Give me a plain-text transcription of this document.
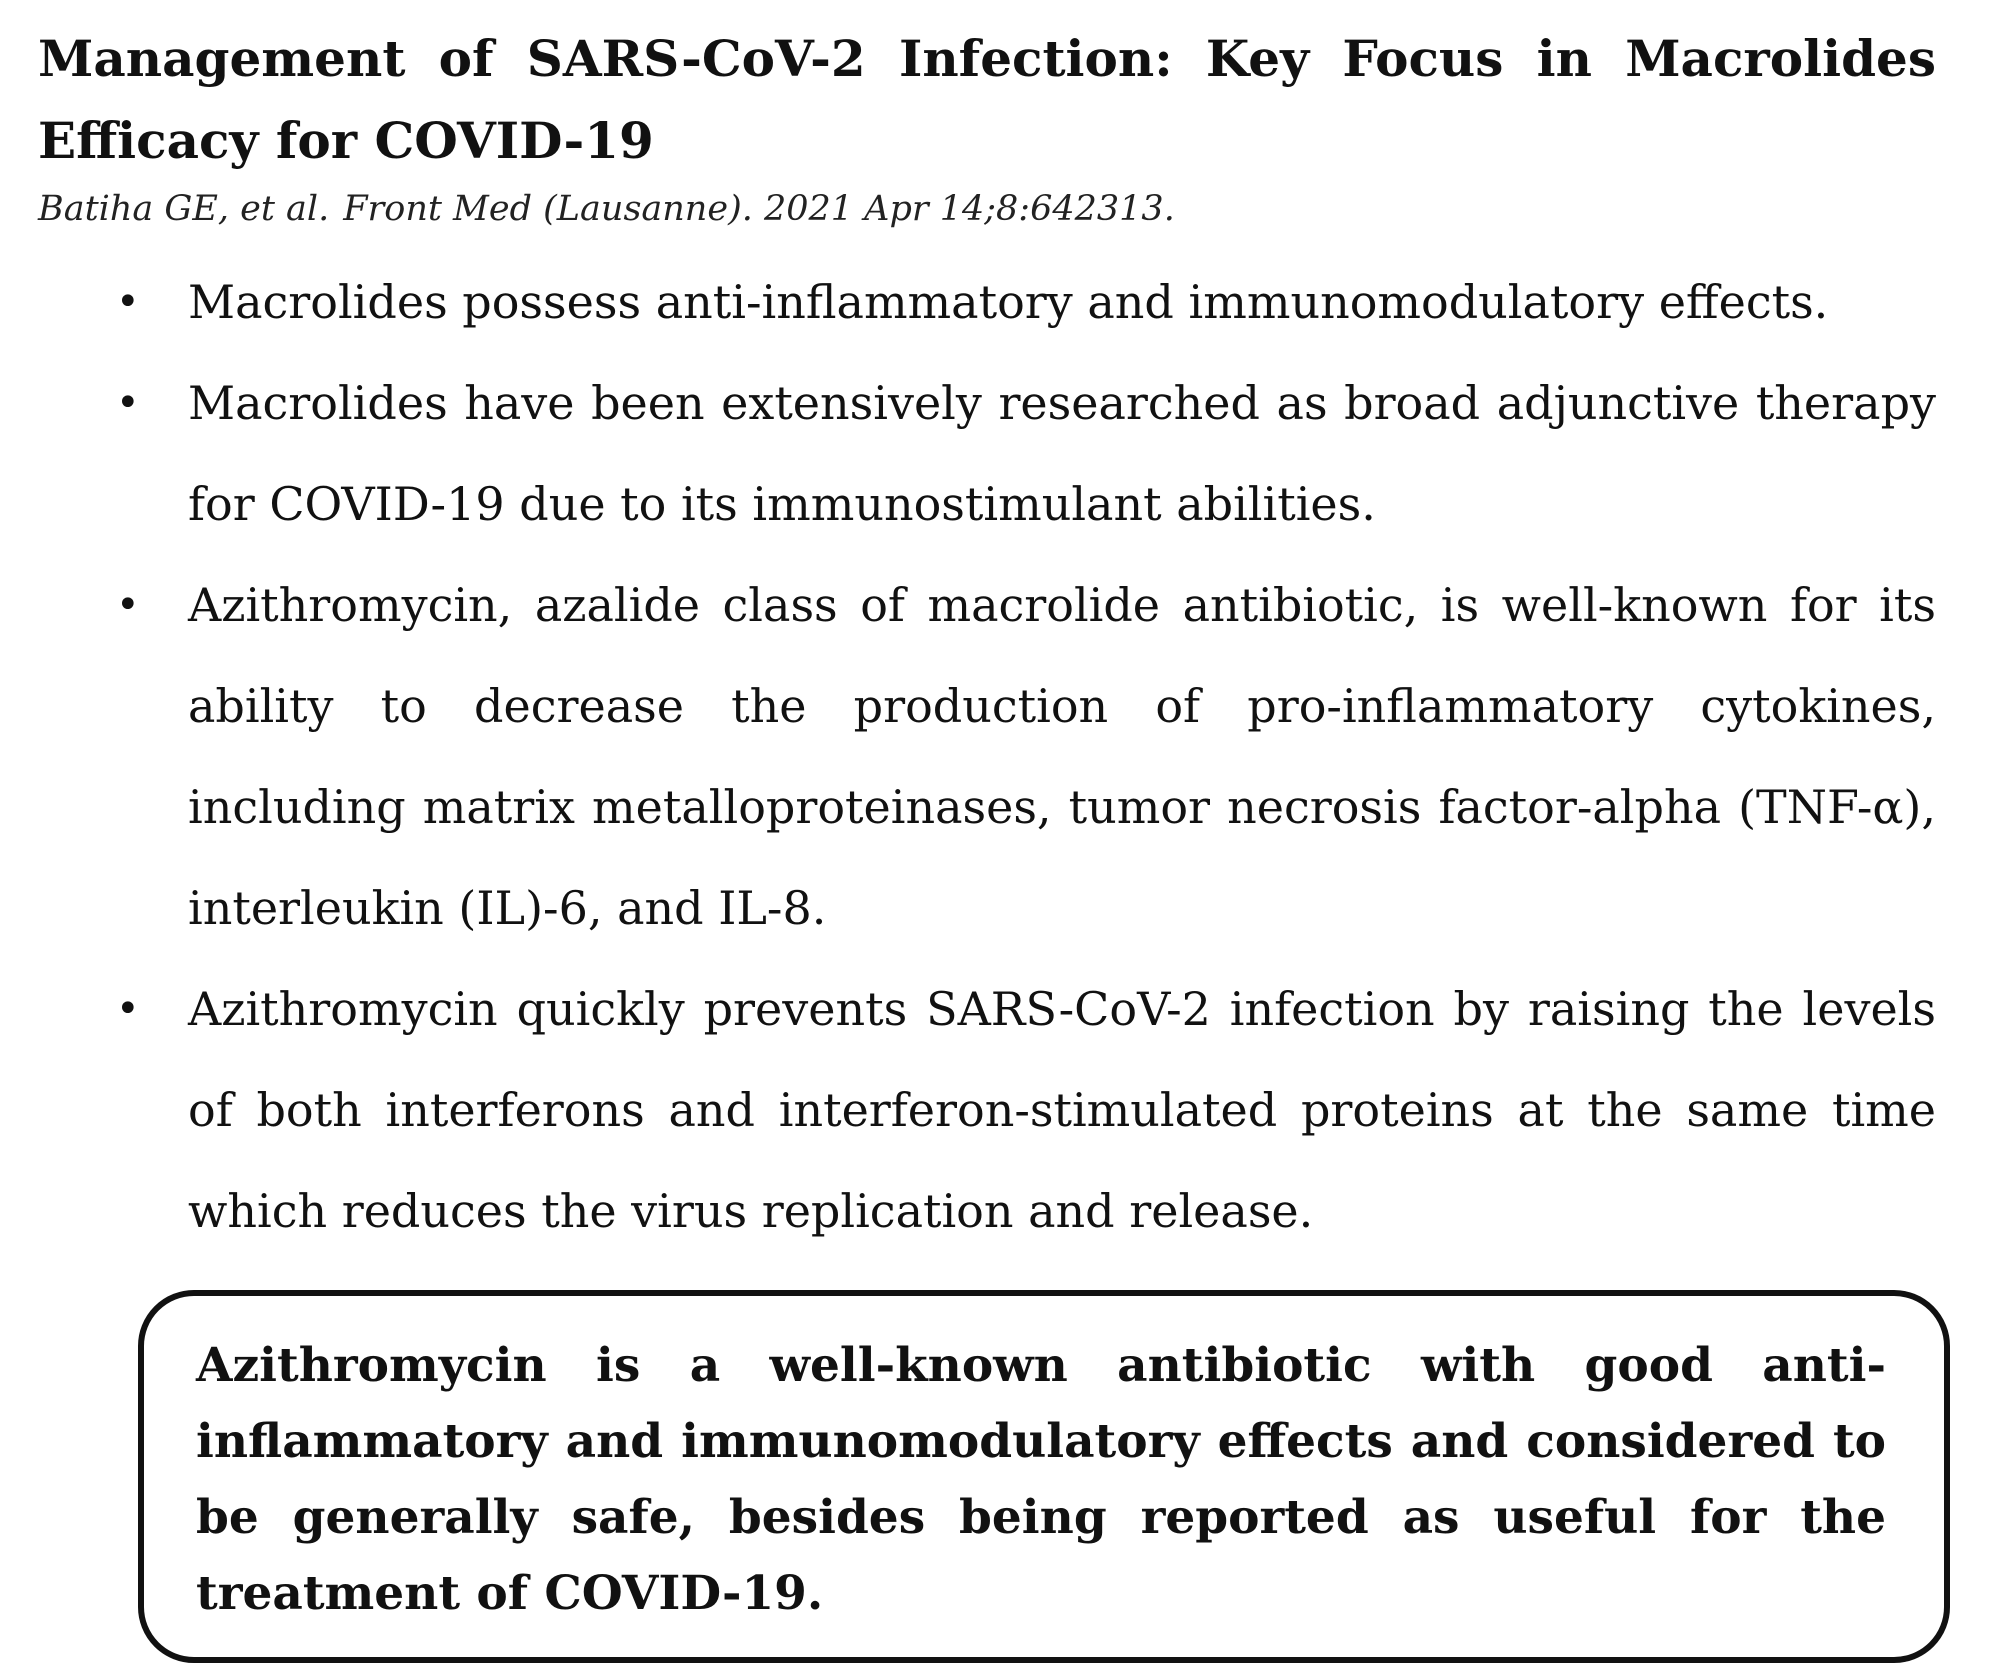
Management of SARS-CoV-2 Infection: Key Focus in Macrolides Efficacy for COVID-19

Batiha GE, et al. Front Med (Lausanne). 2021 Apr 14;8:642313.

• Macrolides possess anti-inflammatory and immunomodulatory effects.
• Macrolides have been extensively researched as broad adjunctive therapy for COVID-19 due to its immunostimulant abilities.
• Azithromycin, azalide class of macrolide antibiotic, is well-known for its ability to decrease the production of pro-inflammatory cytokines, including matrix metalloproteinases, tumor necrosis factor-alpha (TNF-α), interleukin (IL)-6, and IL-8.
• Azithromycin quickly prevents SARS-CoV-2 infection by raising the levels of both interferons and interferon-stimulated proteins at the same time which reduces the virus replication and release.

Azithromycin is a well-known antibiotic with good anti-inflammatory and immunomodulatory effects and considered to be generally safe, besides being reported as useful for the treatment of COVID-19.
